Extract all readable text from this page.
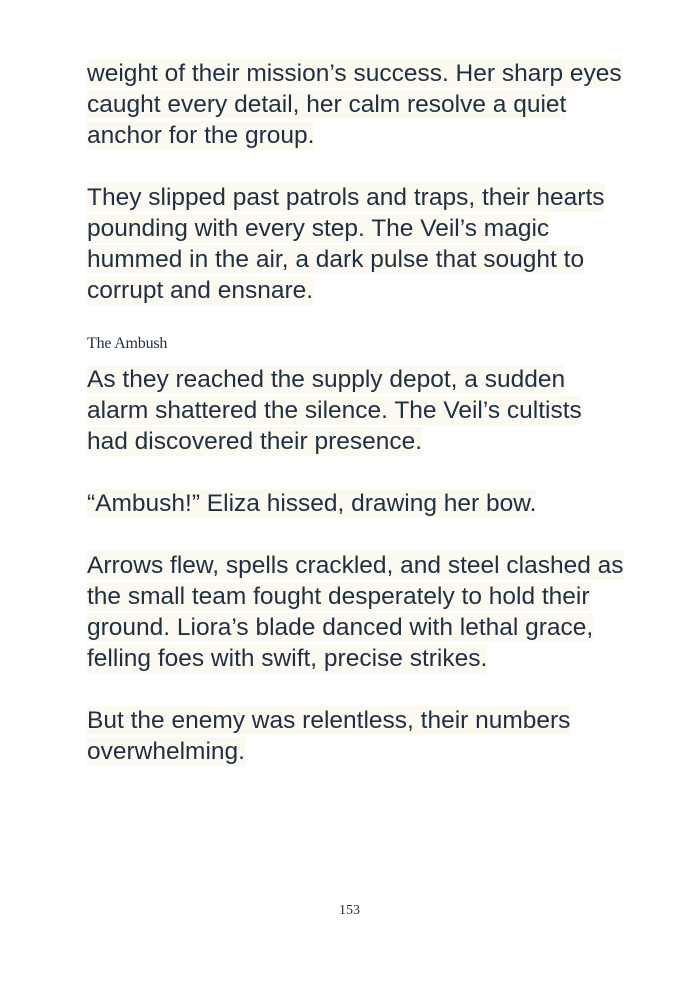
weight of their mission’s success. Her sharp eyes caught every detail, her calm resolve a quiet anchor for the group.

They slipped past patrols and traps, their hearts pounding with every step. The Veil’s magic hummed in the air, a dark pulse that sought to corrupt and ensnare.

The Ambush

As they reached the supply depot, a sudden alarm shattered the silence. The Veil’s cultists had discovered their presence.

“Ambush!” Eliza hissed, drawing her bow.

Arrows flew, spells crackled, and steel clashed as the small team fought desperately to hold their ground. Liora’s blade danced with lethal grace, felling foes with swift, precise strikes.

But the enemy was relentless, their numbers overwhelming.

153
